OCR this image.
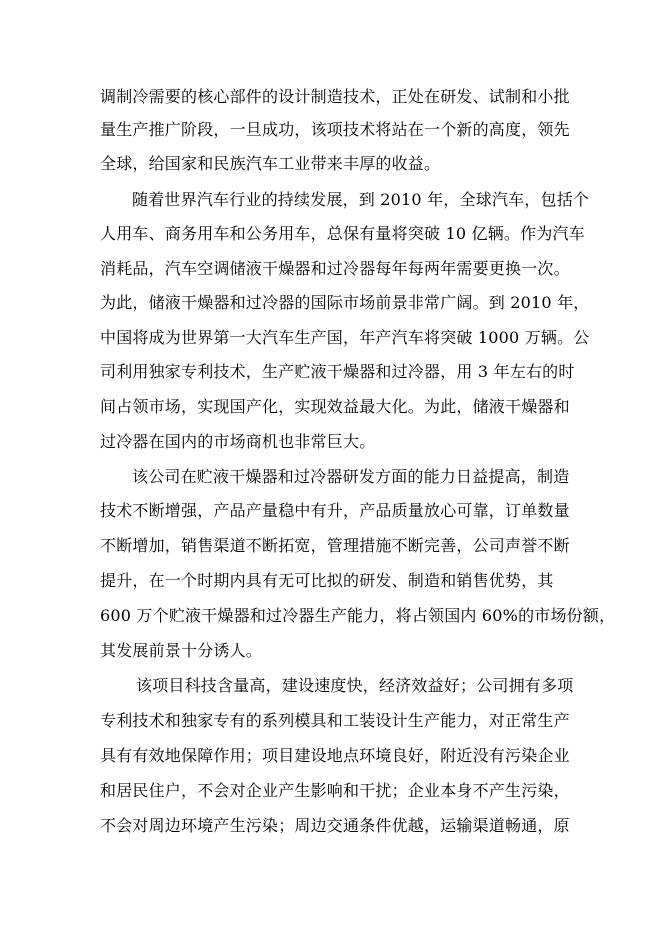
调制冷需要的核心部件的设计制造技术，正处在研发、试制和小批
量生产推广阶段，一旦成功，该项技术将站在一个新的高度，领先
全球，给国家和民族汽车工业带来丰厚的收益。
随着世界汽车行业的持续发展，到 2010 年，全球汽车，包括个
人用车、商务用车和公务用车，总保有量将突破 10 亿辆。作为汽车
消耗品，汽车空调储液干燥器和过冷器每年每两年需要更换一次。
为此，储液干燥器和过冷器的国际市场前景非常广阔。到 2010 年，
中国将成为世界第一大汽车生产国，年产汽车将突破 1000 万辆。公
司利用独家专利技术，生产贮液干燥器和过冷器，用 3 年左右的时
间占领市场，实现国产化，实现效益最大化。为此，储液干燥器和
过冷器在国内的市场商机也非常巨大。
该公司在贮液干燥器和过冷器研发方面的能力日益提高，制造
技术不断增强，产品产量稳中有升，产品质量放心可靠，订单数量
不断增加，销售渠道不断拓宽，管理措施不断完善，公司声誉不断
提升，在一个时期内具有无可比拟的研发、制造和销售优势，其
600 万个贮液干燥器和过冷器生产能力，将占领国内 60%的市场份额，
其发展前景十分诱人。
该项目科技含量高，建设速度快，经济效益好；公司拥有多项
专利技术和独家专有的系列模具和工装设计生产能力，对正常生产
具有有效地保障作用；项目建设地点环境良好，附近没有污染企业
和居民住户，不会对企业产生影响和干扰；企业本身不产生污染，
不会对周边环境产生污染；周边交通条件优越，运输渠道畅通，原
